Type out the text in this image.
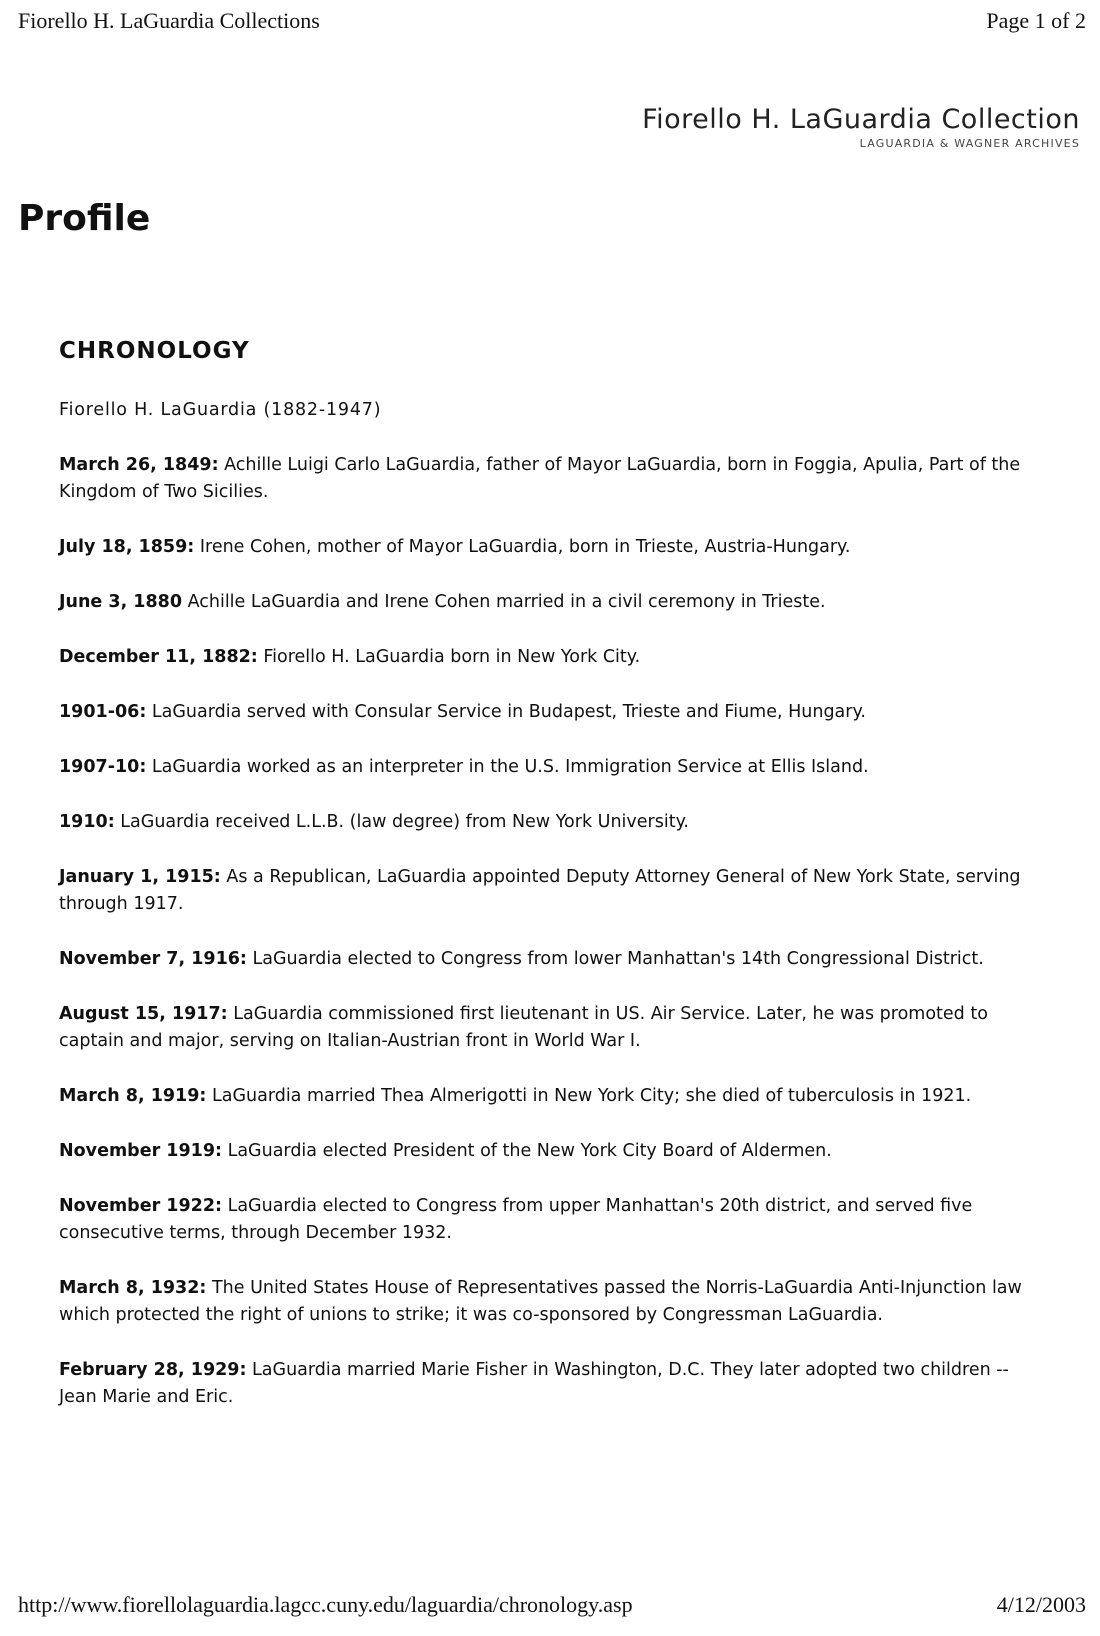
Fiorello H. LaGuardia Collections	Page 1 of 2
Fiorello H. LaGuardia Collection
LAGUARDIA & WAGNER ARCHIVES
Profile
CHRONOLOGY
Fiorello H. LaGuardia (1882-1947)

March 26, 1849: Achille Luigi Carlo LaGuardia, father of Mayor LaGuardia, born in Foggia, Apulia, Part of the Kingdom of Two Sicilies.

July 18, 1859: Irene Cohen, mother of Mayor LaGuardia, born in Trieste, Austria-Hungary.

June 3, 1880 Achille LaGuardia and Irene Cohen married in a civil ceremony in Trieste.

December 11, 1882: Fiorello H. LaGuardia born in New York City.

1901-06: LaGuardia served with Consular Service in Budapest, Trieste and Fiume, Hungary.

1907-10: LaGuardia worked as an interpreter in the U.S. Immigration Service at Ellis Island.

1910: LaGuardia received L.L.B. (law degree) from New York University.

January 1, 1915: As a Republican, LaGuardia appointed Deputy Attorney General of New York State, serving through 1917.

November 7, 1916: LaGuardia elected to Congress from lower Manhattan's 14th Congressional District.

August 15, 1917: LaGuardia commissioned first lieutenant in US. Air Service. Later, he was promoted to captain and major, serving on Italian-Austrian front in World War I.

March 8, 1919: LaGuardia married Thea Almerigotti in New York City; she died of tuberculosis in 1921.

November 1919: LaGuardia elected President of the New York City Board of Aldermen.

November 1922: LaGuardia elected to Congress from upper Manhattan's 20th district, and served five consecutive terms, through December 1932.

March 8, 1932: The United States House of Representatives passed the Norris-LaGuardia Anti-Injunction law which protected the right of unions to strike; it was co-sponsored by Congressman LaGuardia.

February 28, 1929: LaGuardia married Marie Fisher in Washington, D.C. They later adopted two children -- Jean Marie and Eric.

http://www.fiorellolaguardia.lagcc.cuny.edu/laguardia/chronology.asp	4/12/2003
